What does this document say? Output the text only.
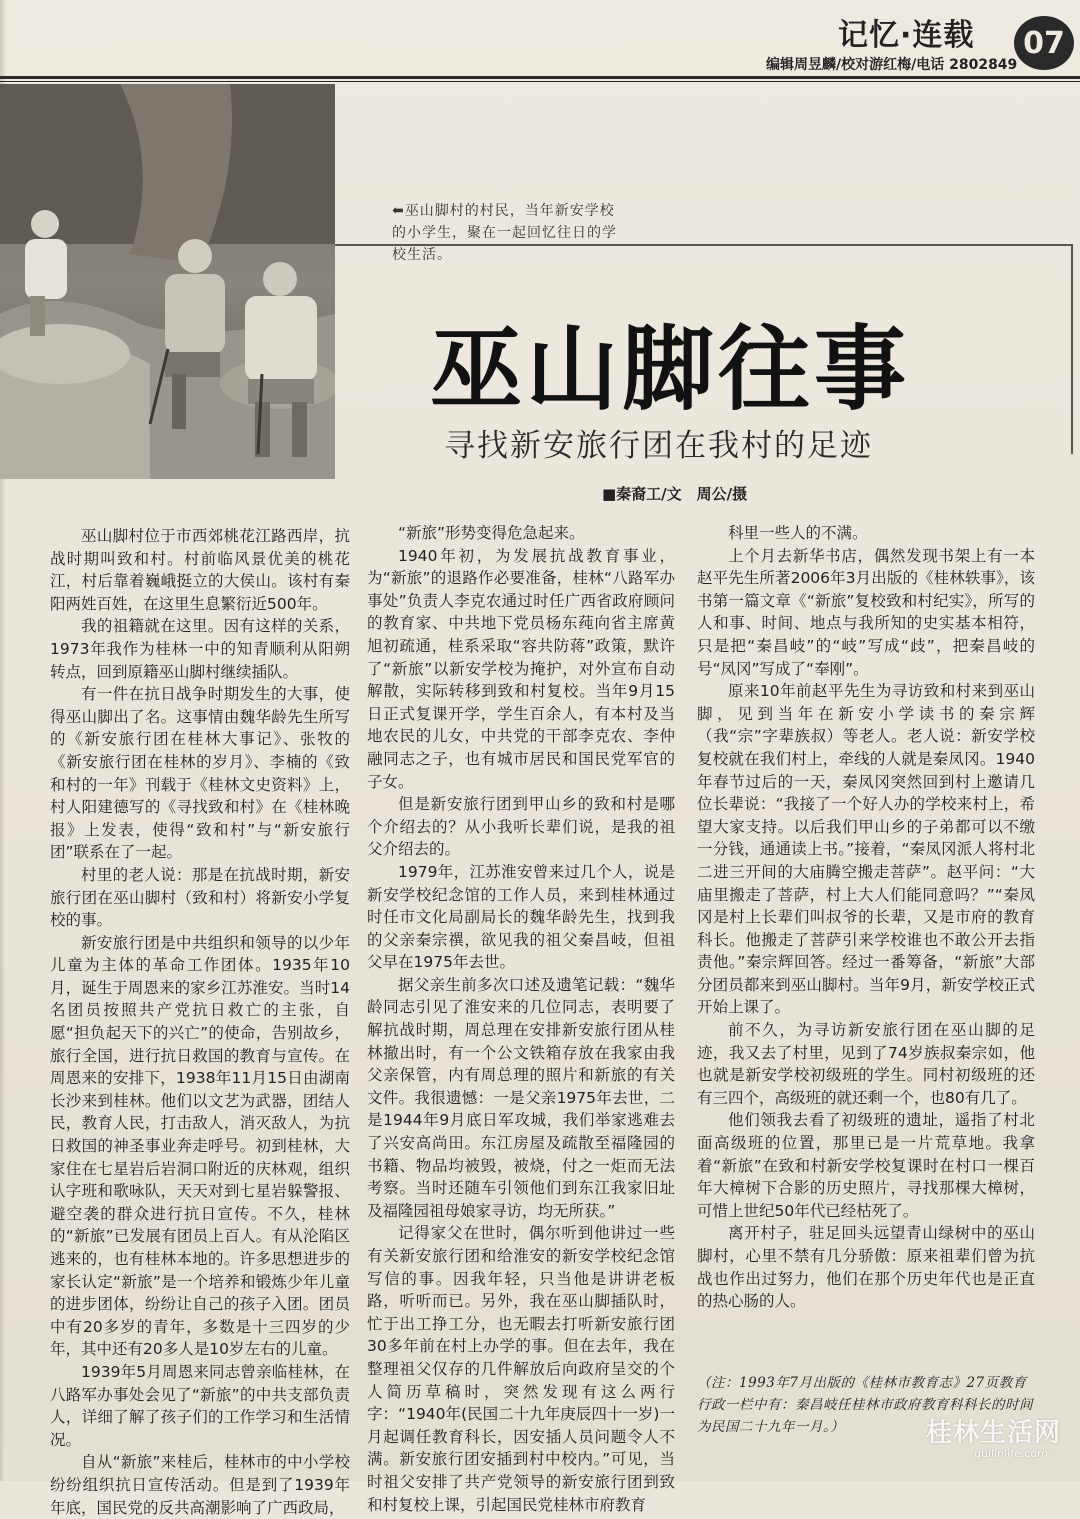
记忆·连载	07
编辑周昱麟/校对游红梅/电话 2802849
⬅巫山脚村的村民，当年新安学校的小学生，聚在一起回忆往日的学校生活。
巫山脚往事
寻找新安旅行团在我村的足迹
■秦裔工/文　周公/摄

巫山脚村位于市西郊桃花江路西岸，抗战时期叫致和村。村前临风景优美的桃花江，村后靠着巍峨挺立的大侯山。该村有秦阳两姓百姓，在这里生息繁衍近500年。

我的祖籍就在这里。因有这样的关系，1973年我作为桂林一中的知青顺利从阳朔转点，回到原籍巫山脚村继续插队。

有一件在抗日战争时期发生的大事，使得巫山脚出了名。这事情由魏华龄先生所写的《新安旅行团在桂林大事记》、张牧的《新安旅行团在桂林的岁月》、李楠的《致和村的一年》刊载于《桂林文史资料》上，村人阳建德写的《寻找致和村》在《桂林晚报》上发表，使得“致和村”与“新安旅行团”联系在了一起。

村里的老人说：那是在抗战时期，新安旅行团在巫山脚村（致和村）将新安小学复校的事。

新安旅行团是中共组织和领导的以少年儿童为主体的革命工作团体。1935年10月，诞生于周恩来的家乡江苏淮安。当时14名团员按照共产党抗日救亡的主张，自愿“担负起天下的兴亡”的使命，告别故乡，旅行全国，进行抗日救国的教育与宣传。在周恩来的安排下，1938年11月15日由湖南长沙来到桂林。他们以文艺为武器，团结人民，教育人民，打击敌人，消灭敌人，为抗日救国的神圣事业奔走呼号。初到桂林，大家住在七星岩后岩洞口附近的庆林观，组织认字班和歌咏队，天天对到七星岩躲警报、避空袭的群众进行抗日宣传。不久，桂林的“新旅”已发展有团员上百人。有从沦陷区逃来的，也有桂林本地的。许多思想进步的家长认定“新旅”是一个培养和锻炼少年儿童的进步团体，纷纷让自己的孩子入团。团员中有20多岁的青年，多数是十三四岁的少年，其中还有20多人是10岁左右的儿童。

1939年5月周恩来同志曾亲临桂林，在八路军办事处会见了“新旅”的中共支部负责人，详细了解了孩子们的工作学习和生活情况。

自从“新旅”来桂后，桂林市的中小学校纷纷组织抗日宣传活动。但是到了1939年年底，国民党的反共高潮影响了广西政局，

“新旅”形势变得危急起来。

1940年初，为发展抗战教育事业，为“新旅”的退路作必要准备，桂林“八路军办事处”负责人李克农通过时任广西省政府顾问的教育家、中共地下党员杨东莼向省主席黄旭初疏通，桂系采取“容共防蒋”政策，默许了“新旅”以新安学校为掩护，对外宣布自动解散，实际转移到致和村复校。当年9月15日正式复课开学，学生百余人，有本村及当地农民的儿女，中共党的干部李克农、李仲融同志之子，也有城市居民和国民党军官的子女。

但是新安旅行团到甲山乡的致和村是哪个介绍去的？从小我听长辈们说，是我的祖父介绍去的。

1979年，江苏淮安曾来过几个人，说是新安学校纪念馆的工作人员，来到桂林通过时任市文化局副局长的魏华龄先生，找到我的父亲秦宗禩，欲见我的祖父秦昌岐，但祖父早在1975年去世。

据父亲生前多次口述及遗笔记载：“魏华龄同志引见了淮安来的几位同志，表明要了解抗战时期，周总理在安排新安旅行团从桂林撤出时，有一个公文铁箱存放在我家由我父亲保管，内有周总理的照片和新旅的有关文件。我很遗憾：一是父亲1975年去世，二是1944年9月底日军攻城，我们举家逃难去了兴安高尚田。东江房屋及疏散至福隆园的书籍、物品均被毁，被烧，付之一炬而无法考察。当时还随车引领他们到东江我家旧址及福隆园祖母娘家寻访，均无所获。”

记得家父在世时，偶尔听到他讲过一些有关新安旅行团和给淮安的新安学校纪念馆写信的事。因我年轻，只当他是讲讲老板路，听听而已。另外，我在巫山脚插队时，忙于出工挣工分，也无暇去打听新安旅行团30多年前在村上办学的事。但在去年，我在整理祖父仅存的几件解放后向政府呈交的个人简历草稿时，突然发现有这么两行字：“1940年(民国二十九年庚辰四十一岁)一月起调任教育科长，因安插人员问题令人不满。新安旅行团安插到村中校内。”可见，当时祖父安排了共产党领导的新安旅行团到致和村复校上课，引起国民党桂林市府教育

科里一些人的不满。

上个月去新华书店，偶然发现书架上有一本赵平先生所著2006年3月出版的《桂林轶事》，该书第一篇文章《“新旅”复校致和村纪实》，所写的人和事、时间、地点与我所知的史实基本相符，只是把“秦昌岐”的“岐”写成“歧”，把秦昌岐的号“凤冈”写成了“奉刚”。

原来10年前赵平先生为寻访致和村来到巫山脚，见到当年在新安小学读书的秦宗辉（我“宗”字辈族叔）等老人。老人说：新安学校复校就在我们村上，牵线的人就是秦凤冈。1940年春节过后的一天，秦凤冈突然回到村上邀请几位长辈说：“我接了一个好人办的学校来村上，希望大家支持。以后我们甲山乡的子弟都可以不缴一分钱，通通读上书。”接着，“秦凤冈派人将村北二进三开间的大庙腾空搬走菩萨”。赵平问：“大庙里搬走了菩萨，村上大人们能同意吗？”“秦凤冈是村上长辈们叫叔爷的长辈，又是市府的教育科长。他搬走了菩萨引来学校谁也不敢公开去指责他。”秦宗辉回答。经过一番筹备，“新旅”大部分团员都来到巫山脚村。当年9月，新安学校正式开始上课了。

前不久，为寻访新安旅行团在巫山脚的足迹，我又去了村里，见到了74岁族叔秦宗如，他也就是新安学校初级班的学生。同村初级班的还有三四个，高级班的就还剩一个，也80有几了。

他们领我去看了初级班的遗址，遥指了村北面高级班的位置，那里已是一片荒草地。我拿着“新旅”在致和村新安学校复课时在村口一棵百年大樟树下合影的历史照片，寻找那棵大樟树，可惜上世纪50年代已经枯死了。

离开村子，驻足回头远望青山绿树中的巫山脚村，心里不禁有几分骄傲：原来祖辈们曾为抗战也作出过努力，他们在那个历史年代也是正直的热心肠的人。

（注：1993年7月出版的《桂林市教育志》27页教育行政一栏中有：秦昌岐任桂林市政府教育科科长的时间为民国二十九年一月。）	桂林生活网
guilinlife.com
